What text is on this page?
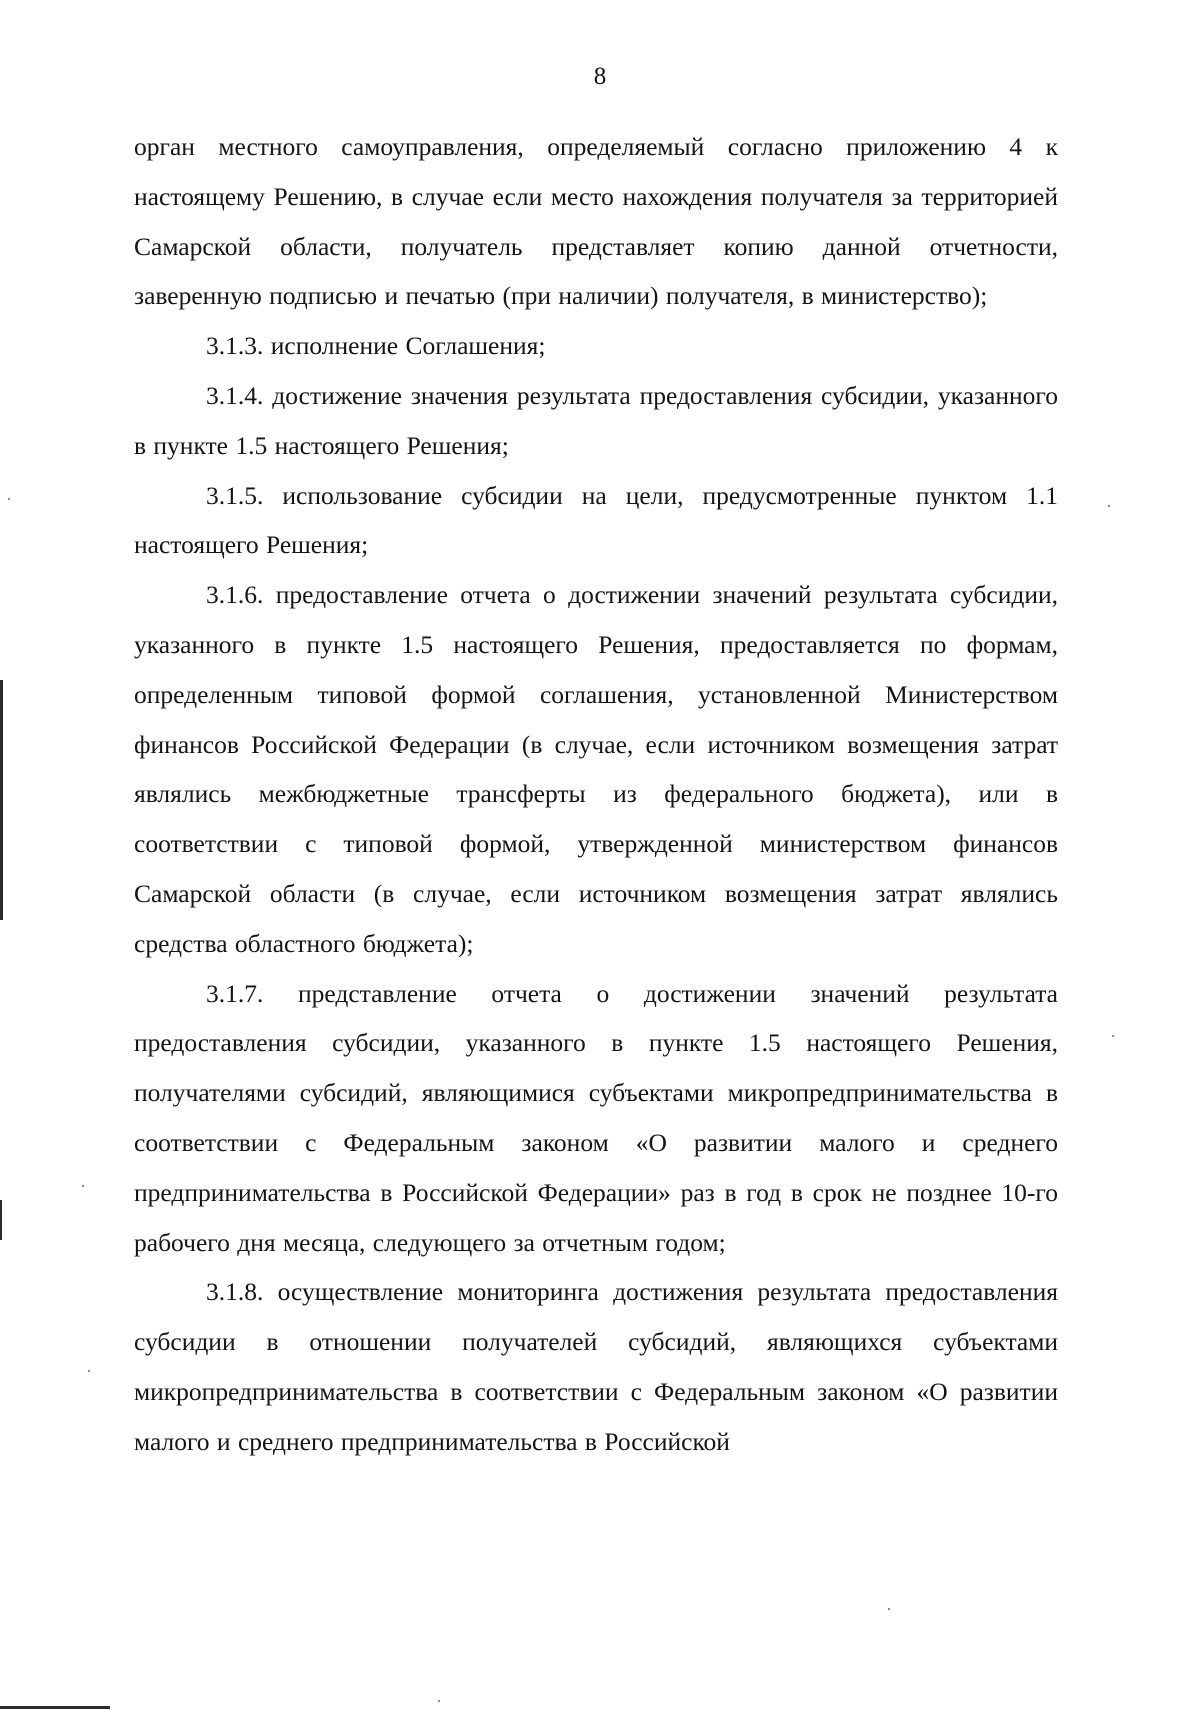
8

орган местного самоуправления, определяемый согласно приложению 4 к настоящему Решению, в случае если место нахождения получателя за территорией Самарской области, получатель представляет копию данной отчетности, заверенную подписью и печатью (при наличии) получателя, в министерство);

3.1.3. исполнение Соглашения;

3.1.4. достижение значения результата предоставления субсидии, указанного в пункте 1.5 настоящего Решения;

3.1.5. использование субсидии на цели, предусмотренные пунктом 1.1 настоящего Решения;

3.1.6. предоставление отчета о достижении значений результата субсидии, указанного в пункте 1.5 настоящего Решения, предоставляется по формам, определенным типовой формой соглашения, установленной Министерством финансов Российской Федерации (в случае, если источником возмещения затрат являлись межбюджетные трансферты из федерального бюджета), или в соответствии с типовой формой, утвержденной министерством финансов Самарской области (в случае, если источником возмещения затрат являлись средства областного бюджета);

3.1.7. представление отчета о достижении значений результата предоставления субсидии, указанного в пункте 1.5 настоящего Решения, получателями субсидий, являющимися субъектами микропредпринимательства в соответствии с Федеральным законом «О развитии малого и среднего предпринимательства в Российской Федерации» раз в год в срок не позднее 10-го рабочего дня месяца, следующего за отчетным годом;

3.1.8. осуществление мониторинга достижения результата предоставления субсидии в отношении получателей субсидий, являющихся субъектами микропредпринимательства в соответствии с Федеральным законом «О развитии малого и среднего предпринимательства в Российской
